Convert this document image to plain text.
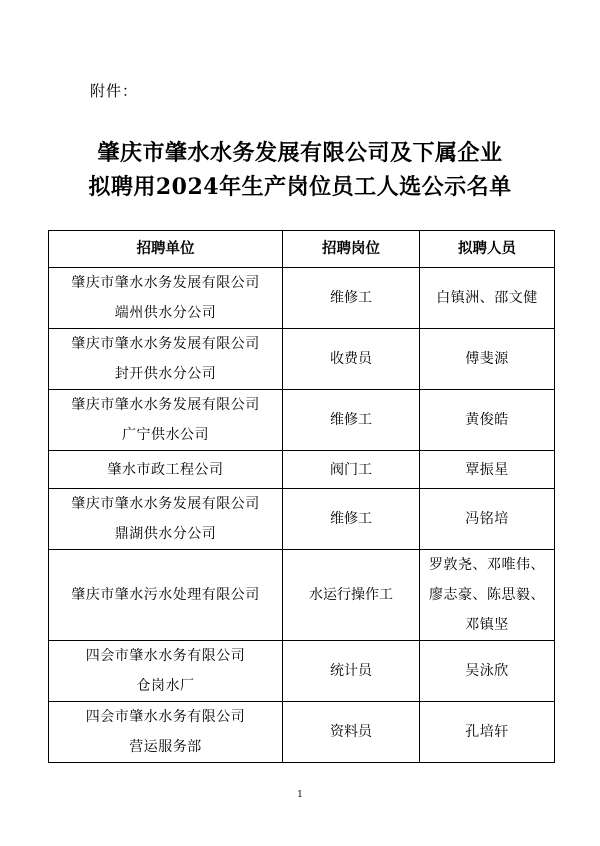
附件：
肇庆市肇水水务发展有限公司及下属企业
拟聘用2024年生产岗位员工人选公示名单
招聘单位	招聘岗位	拟聘人员

肇庆市肇水水务发展有限公司
端州供水分公司	维修工	白镇洲、邵文健

肇庆市肇水水务发展有限公司
封开供水分公司	收费员	傅斐源

肇庆市肇水水务发展有限公司
广宁供水公司	维修工	黄俊皓

肇水市政工程公司	阀门工	覃振星

肇庆市肇水水务发展有限公司
鼎湖供水分公司	维修工	冯铭培

肇庆市肇水污水处理有限公司	水运行操作工	罗敦尧、邓唯伟、
廖志豪、陈思毅、
邓镇坚

四会市肇水水务有限公司
仓岗水厂	统计员	吴泳欣

四会市肇水水务有限公司
营运服务部	资料员	孔培轩
1
